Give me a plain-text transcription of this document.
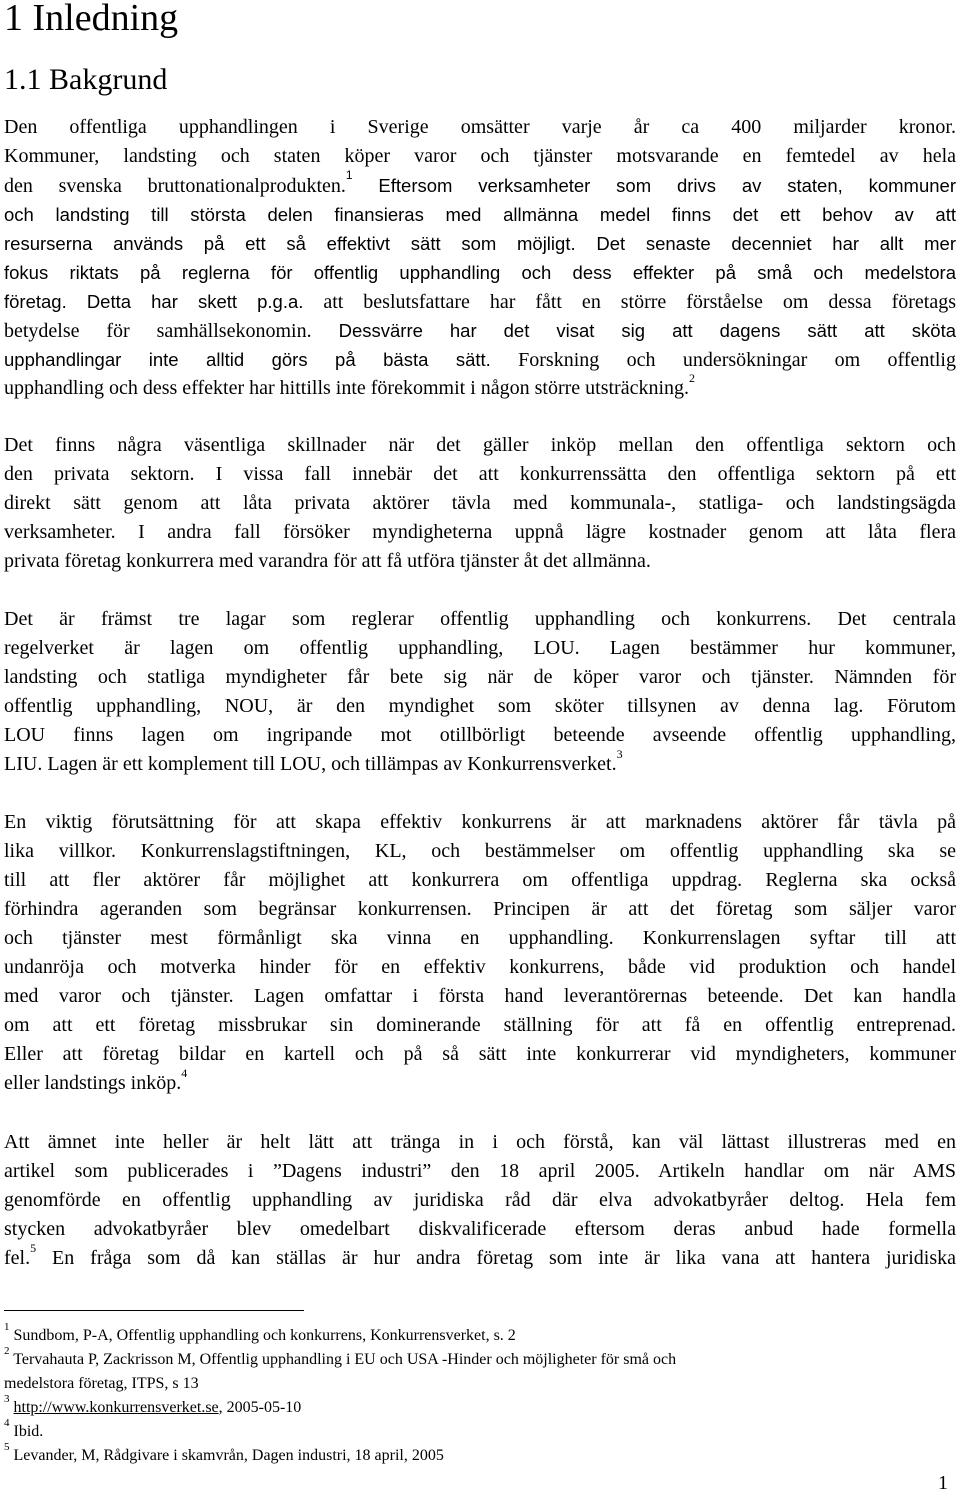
1 Inledning
1.1 Bakgrund
Den offentliga upphandlingen i Sverige omsätter varje år ca 400 miljarder kronor.
Kommuner, landsting och staten köper varor och tjänster motsvarande en femtedel av hela
den svenska bruttonationalprodukten.$^1$ Eftersom verksamheter som drivs av staten, kommuner
och landsting till största delen finansieras med allmänna medel finns det ett behov av att
resurserna används på ett så effektivt sätt som möjligt. Det senaste decenniet har allt mer
fokus riktats på reglerna för offentlig upphandling och dess effekter på små och medelstora
företag. Detta har skett p.g.a. att beslutsfattare har fått en större förståelse om dessa företags
betydelse för samhällsekonomin. Dessvärre har det visat sig att dagens sätt att sköta
upphandlingar inte alltid görs på bästa sätt. Forskning och undersökningar om offentlig
upphandling och dess effekter har hittills inte förekommit i någon större utsträckning.$^2$
Det finns några väsentliga skillnader när det gäller inköp mellan den offentliga sektorn och
den privata sektorn. I vissa fall innebär det att konkurrenssätta den offentliga sektorn på ett
direkt sätt genom att låta privata aktörer tävla med kommunala-, statliga- och landstingsägda
verksamheter. I andra fall försöker myndigheterna uppnå lägre kostnader genom att låta flera
privata företag konkurrera med varandra för att få utföra tjänster åt det allmänna.
Det är främst tre lagar som reglerar offentlig upphandling och konkurrens. Det centrala
regelverket är lagen om offentlig upphandling, LOU. Lagen bestämmer hur kommuner,
landsting och statliga myndigheter får bete sig när de köper varor och tjänster. Nämnden för
offentlig upphandling, NOU, är den myndighet som sköter tillsynen av denna lag. Förutom
LOU finns lagen om ingripande mot otillbörligt beteende avseende offentlig upphandling,
LIU. Lagen är ett komplement till LOU, och tillämpas av Konkurrensverket.$^3$
En viktig förutsättning för att skapa effektiv konkurrens är att marknadens aktörer får tävla på
lika villkor. Konkurrenslagstiftningen, KL, och bestämmelser om offentlig upphandling ska se
till att fler aktörer får möjlighet att konkurrera om offentliga uppdrag. Reglerna ska också
förhindra ageranden som begränsar konkurrensen. Principen är att det företag som säljer varor
och tjänster mest förmånligt ska vinna en upphandling. Konkurrenslagen syftar till att
undanröja och motverka hinder för en effektiv konkurrens, både vid produktion och handel
med varor och tjänster. Lagen omfattar i första hand leverantörernas beteende. Det kan handla
om att ett företag missbrukar sin dominerande ställning för att få en offentlig entreprenad.
Eller att företag bildar en kartell och på så sätt inte konkurrerar vid myndigheters, kommuner
eller landstings inköp.$^4$
Att ämnet inte heller är helt lätt att tränga in i och förstå, kan väl lättast illustreras med en
artikel som publicerades i ”Dagens industri” den 18 april 2005. Artikeln handlar om när AMS
genomförde en offentlig upphandling av juridiska råd där elva advokatbyråer deltog. Hela fem
stycken advokatbyråer blev omedelbart diskvalificerade eftersom deras anbud hade formella
fel.$^5$ En fråga som då kan ställas är hur andra företag som inte är lika vana att hantera juridiska
$^1$ Sundbom, P-A, Offentlig upphandling och konkurrens, Konkurrensverket, s. 2
$^2$ Tervahauta P, Zackrisson M, Offentlig upphandling i EU och USA -Hinder och möjligheter för små och
medelstora företag, ITPS, s 13
$^3$ http://www.konkurrensverket.se, 2005-05-10
$^4$ Ibid.
$^5$ Levander, M, Rådgivare i skamvrån, Dagen industri, 18 april, 2005
1
